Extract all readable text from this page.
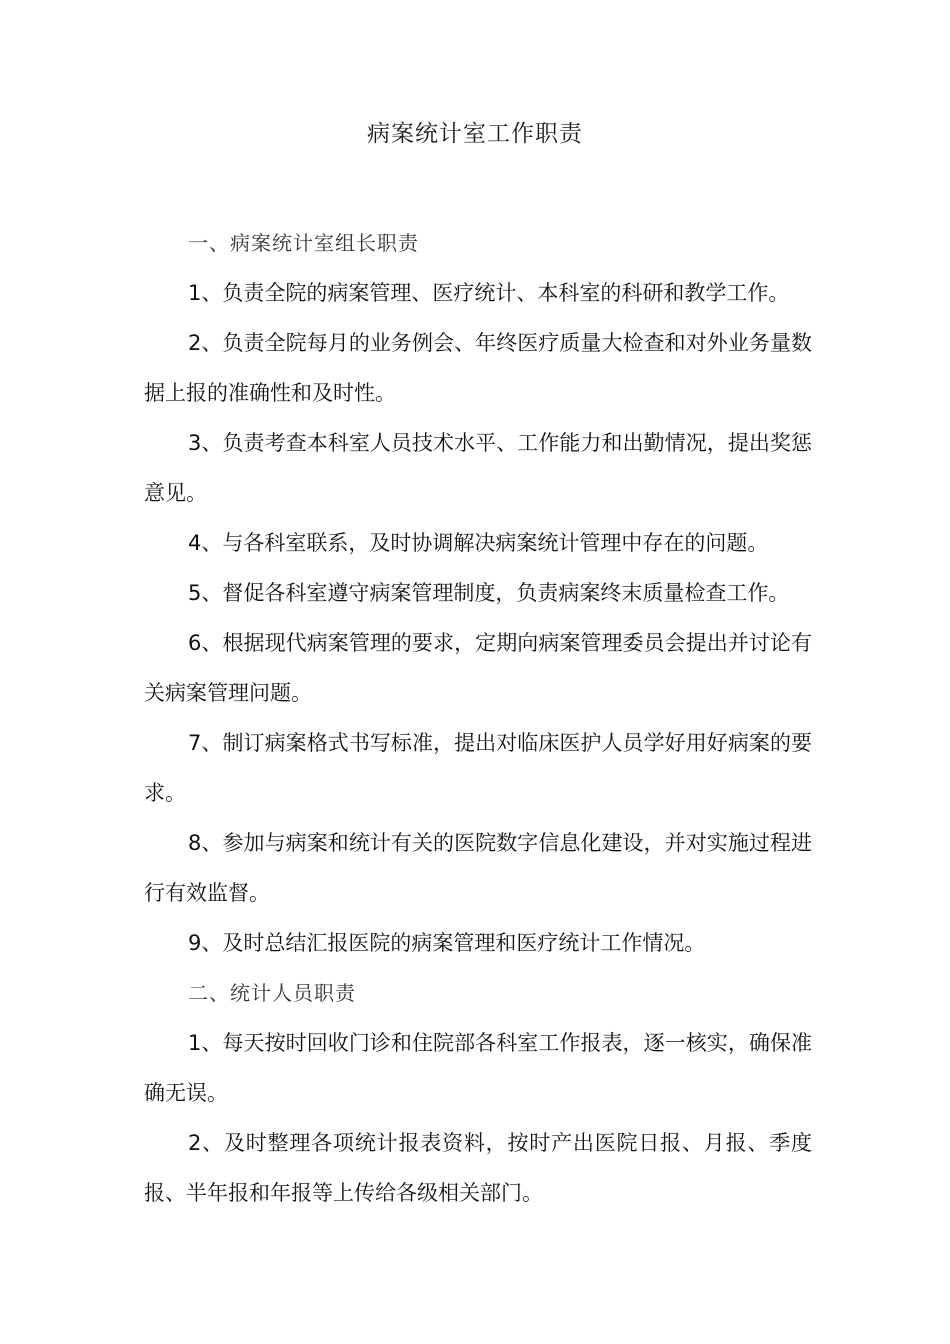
病案统计室工作职责

一、病案统计室组长职责

1、负责全院的病案管理、医疗统计、本科室的科研和教学工作。

2、负责全院每月的业务例会、年终医疗质量大检查和对外业务量数据上报的准确性和及时性。

3、负责考查本科室人员技术水平、工作能力和出勤情况，提出奖惩意见。

4、与各科室联系，及时协调解决病案统计管理中存在的问题。

5、督促各科室遵守病案管理制度，负责病案终末质量检查工作。

6、根据现代病案管理的要求，定期向病案管理委员会提出并讨论有关病案管理问题。

7、制订病案格式书写标准，提出对临床医护人员学好用好病案的要求。

8、参加与病案和统计有关的医院数字信息化建设，并对实施过程进行有效监督。

9、及时总结汇报医院的病案管理和医疗统计工作情况。

二、统计人员职责

1、每天按时回收门诊和住院部各科室工作报表，逐一核实，确保准确无误。

2、及时整理各项统计报表资料，按时产出医院日报、月报、季度报、半年报和年报等上传给各级相关部门。
